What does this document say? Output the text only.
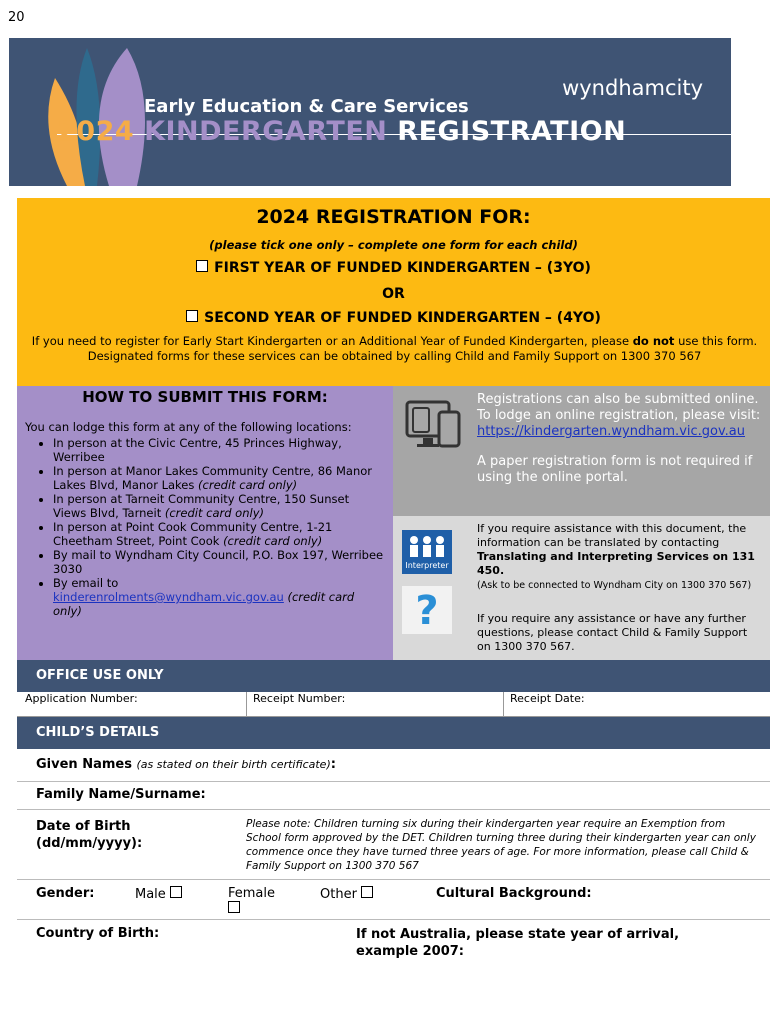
20
Early Education & Care Services
wyndhamcity
2024 KINDERGARTEN REGISTRATION
2024 REGISTRATION FOR:
(please tick one only – complete one form for each child)
FIRST YEAR OF FUNDED KINDERGARTEN – (3YO)
OR
SECOND YEAR OF FUNDED KINDERGARTEN – (4YO)
If you need to register for Early Start Kindergarten or an Additional Year of Funded Kindergarten, please do not use this form. Designated forms for these services can be obtained by calling Child and Family Support on 1300 370 567
HOW TO SUBMIT THIS FORM:
You can lodge this form at any of the following locations:
• In person at the Civic Centre, 45 Princes Highway, Werribee
• In person at Manor Lakes Community Centre, 86 Manor Lakes Blvd, Manor Lakes (credit card only)
• In person at Tarneit Community Centre, 150 Sunset Views Blvd, Tarneit (credit card only)
• In person at Point Cook Community Centre, 1-21 Cheetham Street, Point Cook (credit card only)
• By mail to Wyndham City Council, P.O. Box 197, Werribee 3030
• By email to
kinderenrolments@wyndham.vic.gov.au (credit card only)
Registrations can also be submitted online. To lodge an online registration, please visit:
https://kindergarten.wyndham.vic.gov.au
A paper registration form is not required if using the online portal.
Interpreter
?
If you require assistance with this document, the information can be translated by contacting Translating and Interpreting Services on 131 450.
(Ask to be connected to Wyndham City on 1300 370 567)
If you require any assistance or have any further questions, please contact Child & Family Support on 1300 370 567.
OFFICE USE ONLY
Application Number:	Receipt Number:	Receipt Date:
CHILD’S DETAILS
Given Names (as stated on their birth certificate):
Family Name/Surname:
Date of Birth (dd/mm/yyyy):
Please note: Children turning six during their kindergarten year require an Exemption from School form approved by the DET. Children turning three during their kindergarten year can only commence once they have turned three years of age. For more information, please call Child & Family Support on 1300 370 567
Gender:	Male	Female	Other	Cultural Background:
Country of Birth:	If not Australia, please state year of arrival, example 2007:
